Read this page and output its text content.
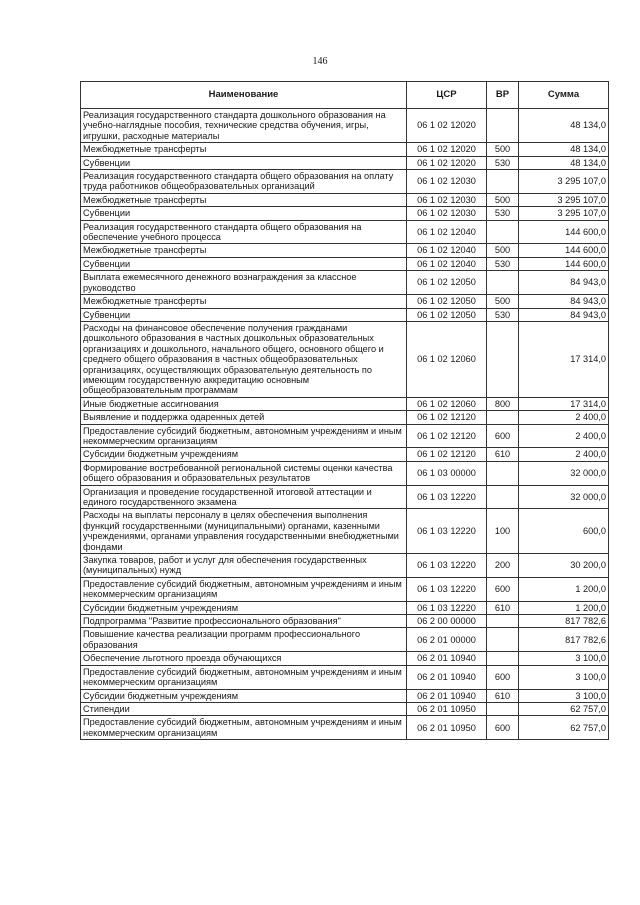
146
Наименование	ЦСР	ВР	Сумма
Реализация государственного стандарта дошкольного образования на учебно-наглядные пособия, технические средства обучения, игры, игрушки, расходные материалы	06 1 02 12020		48 134,0
Межбюджетные трансферты	06 1 02 12020	500	48 134,0
Субвенции	06 1 02 12020	530	48 134,0
Реализация государственного стандарта общего образования на оплату труда работников общеобразовательных организаций	06 1 02 12030		3 295 107,0
Межбюджетные трансферты	06 1 02 12030	500	3 295 107,0
Субвенции	06 1 02 12030	530	3 295 107,0
Реализация государственного стандарта общего образования на обеспечение учебного процесса	06 1 02 12040		144 600,0
Межбюджетные трансферты	06 1 02 12040	500	144 600,0
Субвенции	06 1 02 12040	530	144 600,0
Выплата ежемесячного денежного вознаграждения за классное руководство	06 1 02 12050		84 943,0
Межбюджетные трансферты	06 1 02 12050	500	84 943,0
Субвенции	06 1 02 12050	530	84 943,0
Расходы на финансовое обеспечение получения гражданами дошкольного образования в частных дошкольных образовательных организациях и дошкольного, начального общего, основного общего и среднего общего образования в частных общеобразовательных организациях, осуществляющих образовательную деятельность по имеющим государственную аккредитацию основным общеобразовательным программам	06 1 02 12060		17 314,0
Иные бюджетные ассигнования	06 1 02 12060	800	17 314,0
Выявление и поддержка одаренных детей	06 1 02 12120		2 400,0
Предоставление субсидий бюджетным, автономным учреждениям и иным некоммерческим организациям	06 1 02 12120	600	2 400,0
Субсидии бюджетным учреждениям	06 1 02 12120	610	2 400,0
Формирование востребованной региональной системы оценки качества общего образования и образовательных результатов	06 1 03 00000		32 000,0
Организация и проведение государственной итоговой аттестации и единого государственного экзамена	06 1 03 12220		32 000,0
Расходы на выплаты персоналу в целях обеспечения выполнения функций государственными (муниципальными) органами, казенными учреждениями, органами управления государственными внебюджетными фондами	06 1 03 12220	100	600,0
Закупка товаров, работ и услуг для обеспечения государственных (муниципальных) нужд	06 1 03 12220	200	30 200,0
Предоставление субсидий бюджетным, автономным учреждениям и иным некоммерческим организациям	06 1 03 12220	600	1 200,0
Субсидии бюджетным учреждениям	06 1 03 12220	610	1 200,0
Подпрограмма "Развитие профессионального образования"	06 2 00 00000		817 782,6
Повышение качества реализации программ профессионального образования	06 2 01 00000		817 782,6
Обеспечение льготного проезда обучающихся	06 2 01 10940		3 100,0
Предоставление субсидий бюджетным, автономным учреждениям и иным некоммерческим организациям	06 2 01 10940	600	3 100,0
Субсидии бюджетным учреждениям	06 2 01 10940	610	3 100,0
Стипендии	06 2 01 10950		62 757,0
Предоставление субсидий бюджетным, автономным учреждениям и иным некоммерческим организациям	06 2 01 10950	600	62 757,0
